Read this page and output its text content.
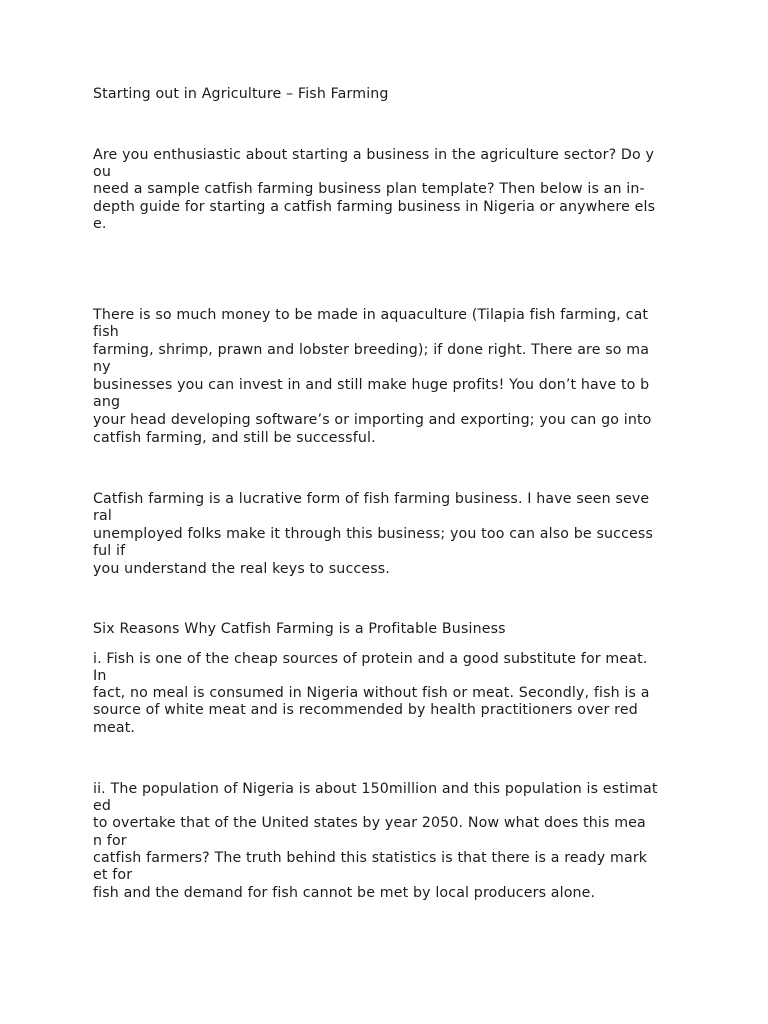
Starting out in Agriculture – Fish Farming

Are you enthusiastic about starting a business in the agriculture sector? Do y

ou

need a sample catfish farming business plan template? Then below is an in-

depth guide for starting a catfish farming business in Nigeria or anywhere els

e.

There is so much money to be made in aquaculture (Tilapia fish farming, cat

fish

farming, shrimp, prawn and lobster breeding); if done right. There are so ma

ny

businesses you can invest in and still make huge profits! You don’t have to b

ang

your head developing software’s or importing and exporting; you can go into

catfish farming, and still be successful.

Catfish farming is a lucrative form of fish farming business. I have seen seve

ral

unemployed folks make it through this business; you too can also be success

ful if

you understand the real keys to success.

Six Reasons Why Catfish Farming is a Profitable Business

i. Fish is one of the cheap sources of protein and a good substitute for meat.

In

fact, no meal is consumed in Nigeria without fish or meat. Secondly, fish is a

source of white meat and is recommended by health practitioners over red

meat.

ii. The population of Nigeria is about 150million and this population is estimat

ed

to overtake that of the United states by year 2050. Now what does this mea

n for

catfish farmers? The truth behind this statistics is that there is a ready mark

et for

fish and the demand for fish cannot be met by local producers alone.
